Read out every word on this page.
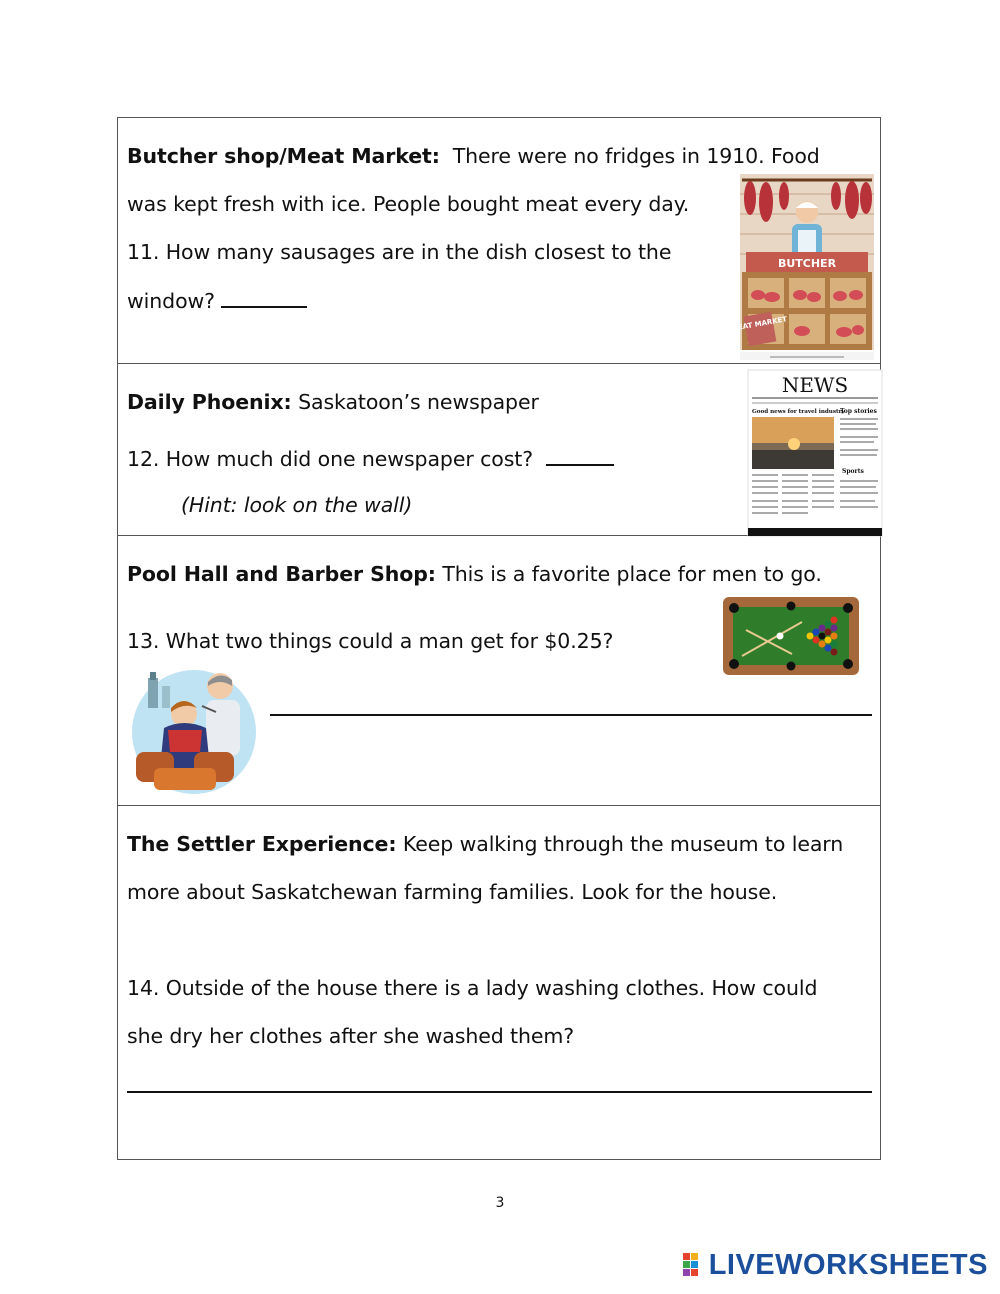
Butcher shop/Meat Market: There were no fridges in 1910. Food
was kept fresh with ice. People bought meat every day.
11. How many sausages are in the dish closest to the
window?
BUTCHER
MEAT MARKET
Daily Phoenix: Saskatoon’s newspaper
12. How much did one newspaper cost?
(Hint: look on the wall)
NEWS
Good news for travel industry
Top stories
Sports
Pool Hall and Barber Shop: This is a favorite place for men to go.
13. What two things could a man get for $0.25?
The Settler Experience: Keep walking through the museum to learn
more about Saskatchewan farming families. Look for the house.
14. Outside of the house there is a lady washing clothes. How could
she dry her clothes after she washed them?
3
LIVEWORKSHEETS
